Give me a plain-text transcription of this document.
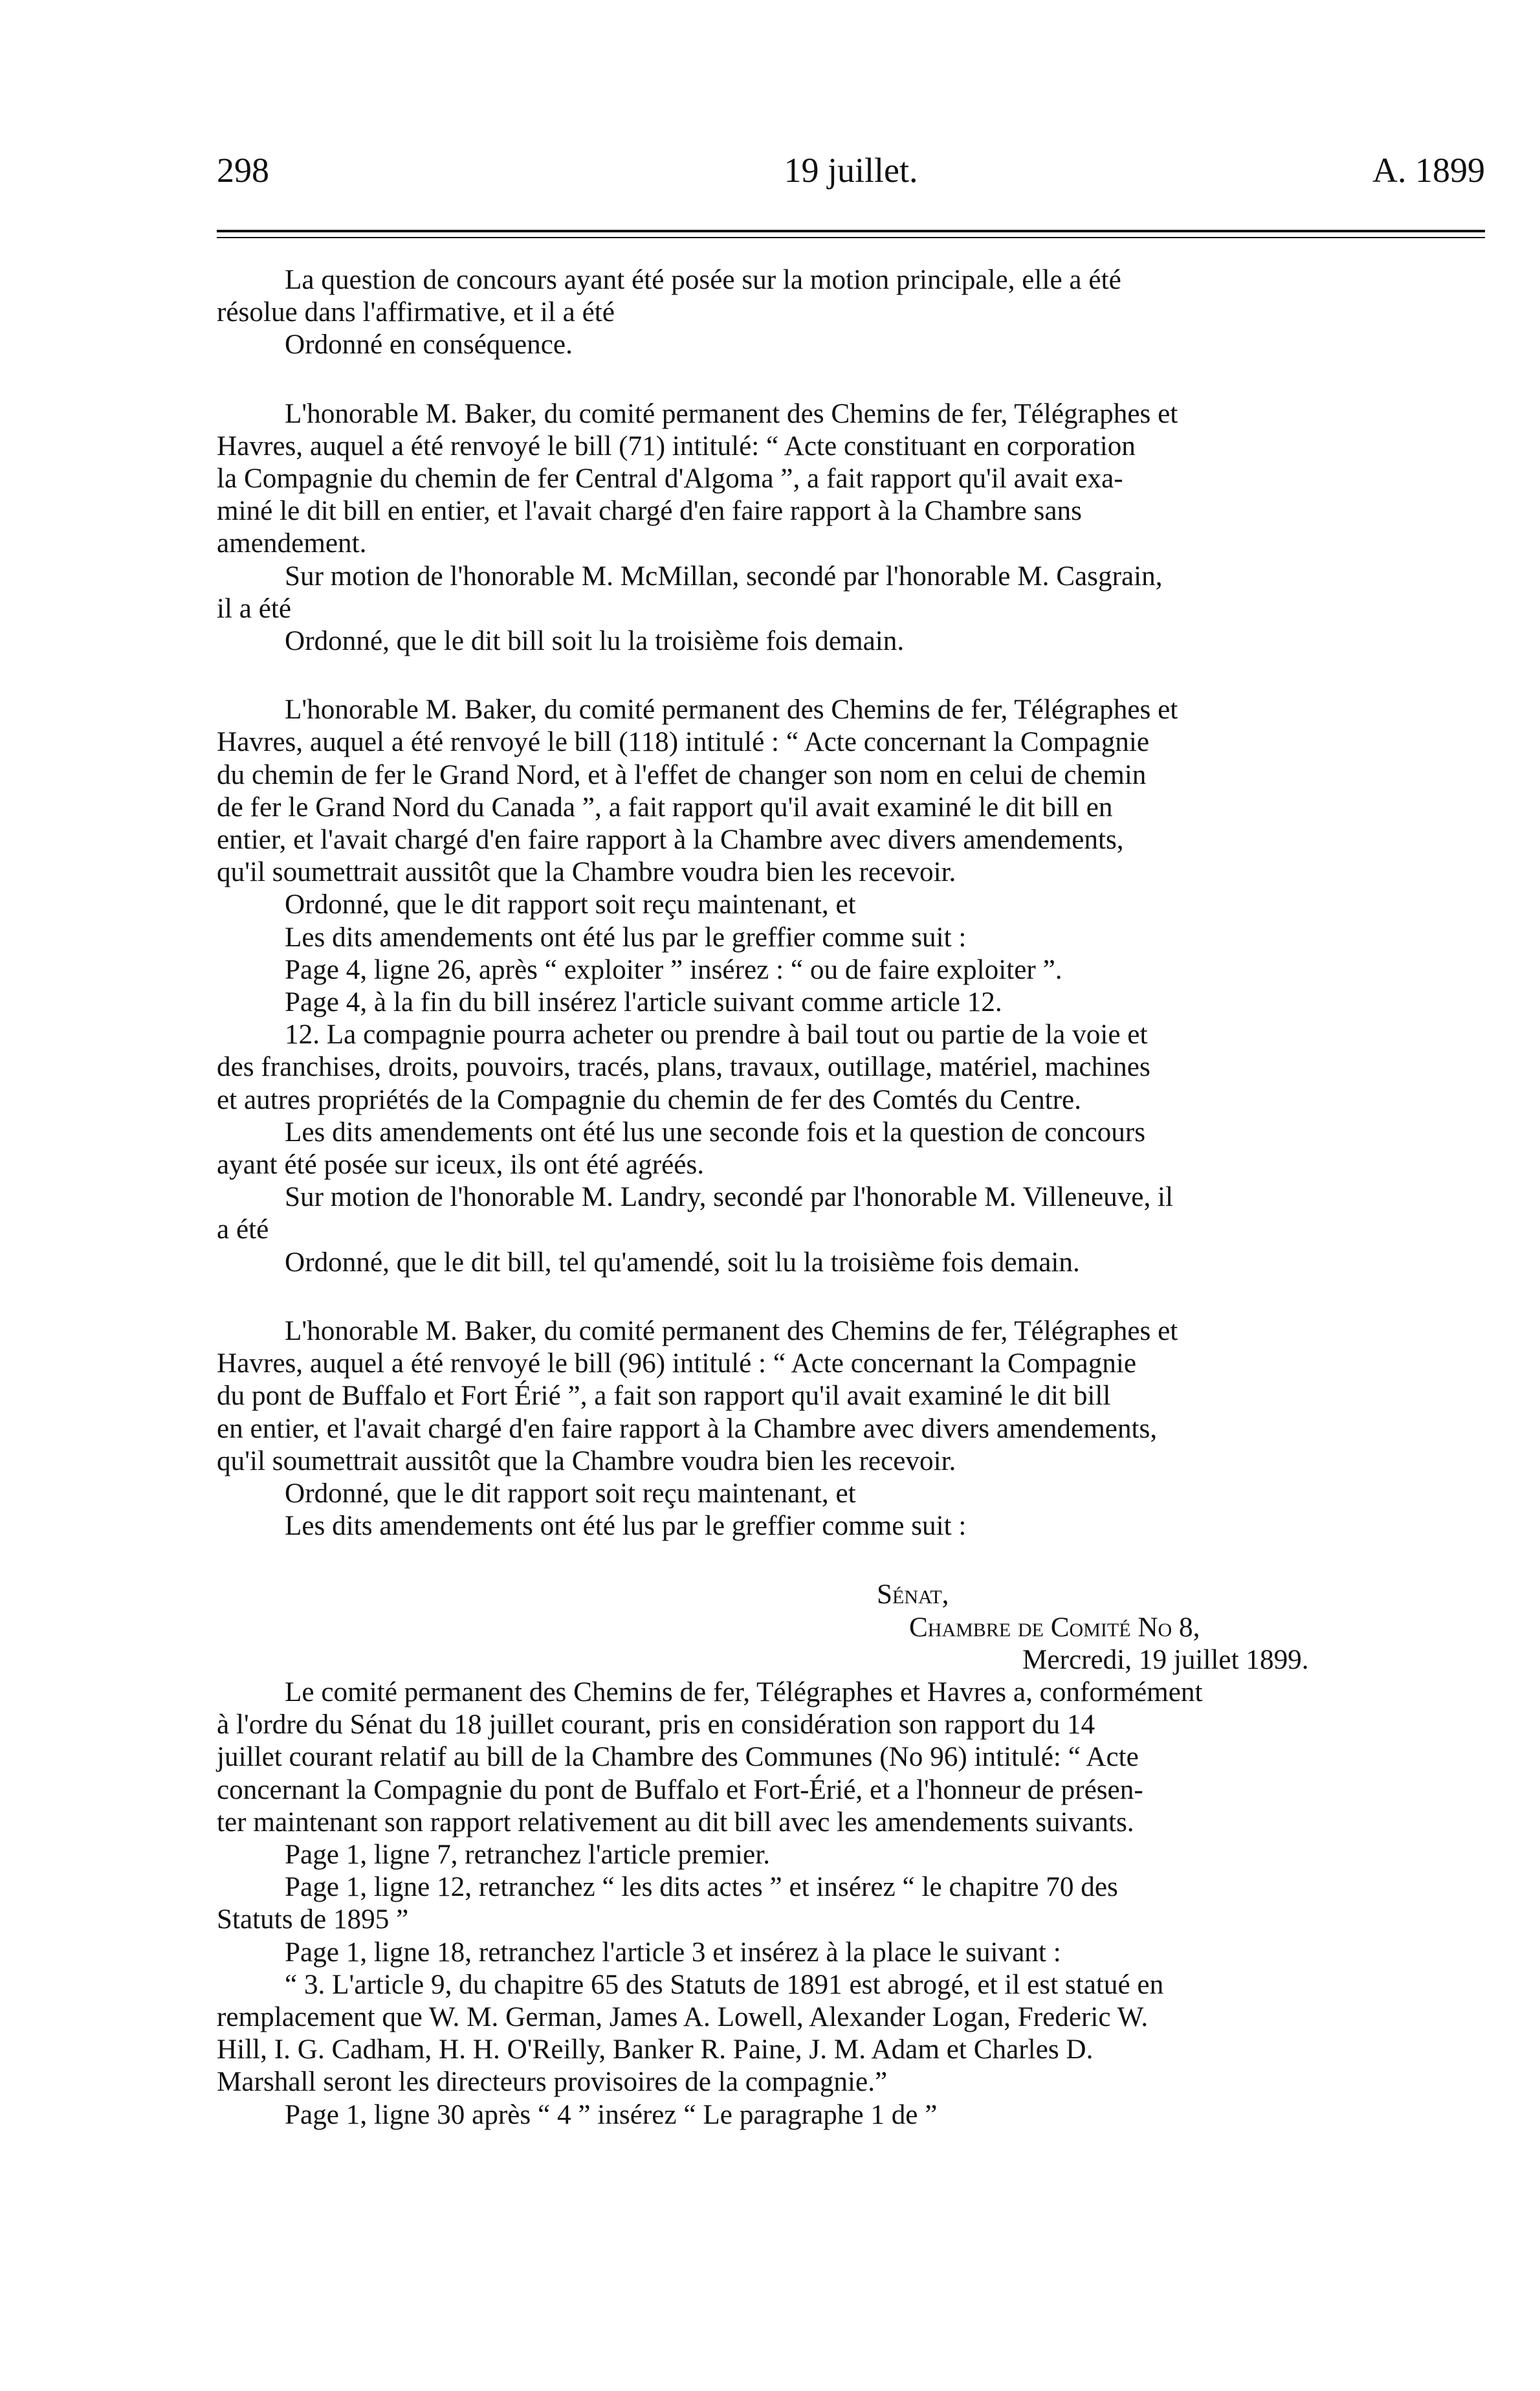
298	19 juillet.	A. 1899
La question de concours ayant été posée sur la motion principale, elle a été
résolue dans l'affirmative, et il a été
Ordonné en conséquence.
L'honorable M. Baker, du comité permanent des Chemins de fer, Télégraphes et
Havres, auquel a été renvoyé le bill (71) intitulé: “ Acte constituant en corporation
la Compagnie du chemin de fer Central d'Algoma ”, a fait rapport qu'il avait exa-
miné le dit bill en entier, et l'avait chargé d'en faire rapport à la Chambre sans
amendement.
Sur motion de l'honorable M. McMillan, secondé par l'honorable M. Casgrain,
il a été
Ordonné, que le dit bill soit lu la troisième fois demain.
L'honorable M. Baker, du comité permanent des Chemins de fer, Télégraphes et
Havres, auquel a été renvoyé le bill (118) intitulé : “ Acte concernant la Compagnie
du chemin de fer le Grand Nord, et à l'effet de changer son nom en celui de chemin
de fer le Grand Nord du Canada ”, a fait rapport qu'il avait examiné le dit bill en
entier, et l'avait chargé d'en faire rapport à la Chambre avec divers amendements,
qu'il soumettrait aussitôt que la Chambre voudra bien les recevoir.
Ordonné, que le dit rapport soit reçu maintenant, et
Les dits amendements ont été lus par le greffier comme suit :
Page 4, ligne 26, après “ exploiter ” insérez : “ ou de faire exploiter ”.
Page 4, à la fin du bill insérez l'article suivant comme article 12.
12. La compagnie pourra acheter ou prendre à bail tout ou partie de la voie et
des franchises, droits, pouvoirs, tracés, plans, travaux, outillage, matériel, machines
et autres propriétés de la Compagnie du chemin de fer des Comtés du Centre.
Les dits amendements ont été lus une seconde fois et la question de concours
ayant été posée sur iceux, ils ont été agréés.
Sur motion de l'honorable M. Landry, secondé par l'honorable M. Villeneuve, il
a été
Ordonné, que le dit bill, tel qu'amendé, soit lu la troisième fois demain.
L'honorable M. Baker, du comité permanent des Chemins de fer, Télégraphes et
Havres, auquel a été renvoyé le bill (96) intitulé : “ Acte concernant la Compagnie
du pont de Buffalo et Fort Érié ”, a fait son rapport qu'il avait examiné le dit bill
en entier, et l'avait chargé d'en faire rapport à la Chambre avec divers amendements,
qu'il soumettrait aussitôt que la Chambre voudra bien les recevoir.
Ordonné, que le dit rapport soit reçu maintenant, et
Les dits amendements ont été lus par le greffier comme suit :
Sénat,
Chambre de Comité No 8,
Mercredi, 19 juillet 1899.
Le comité permanent des Chemins de fer, Télégraphes et Havres a, conformément
à l'ordre du Sénat du 18 juillet courant, pris en considération son rapport du 14
juillet courant relatif au bill de la Chambre des Communes (No 96) intitulé: “ Acte
concernant la Compagnie du pont de Buffalo et Fort-Érié, et a l'honneur de présen-
ter maintenant son rapport relativement au dit bill avec les amendements suivants.
Page 1, ligne 7, retranchez l'article premier.
Page 1, ligne 12, retranchez “ les dits actes ” et insérez “ le chapitre 70 des
Statuts de 1895 ”
Page 1, ligne 18, retranchez l'article 3 et insérez à la place le suivant :
“ 3. L'article 9, du chapitre 65 des Statuts de 1891 est abrogé, et il est statué en
remplacement que W. M. German, James A. Lowell, Alexander Logan, Frederic W.
Hill, I. G. Cadham, H. H. O'Reilly, Banker R. Paine, J. M. Adam et Charles D.
Marshall seront les directeurs provisoires de la compagnie.”
Page 1, ligne 30 après “ 4 ” insérez “ Le paragraphe 1 de ”
